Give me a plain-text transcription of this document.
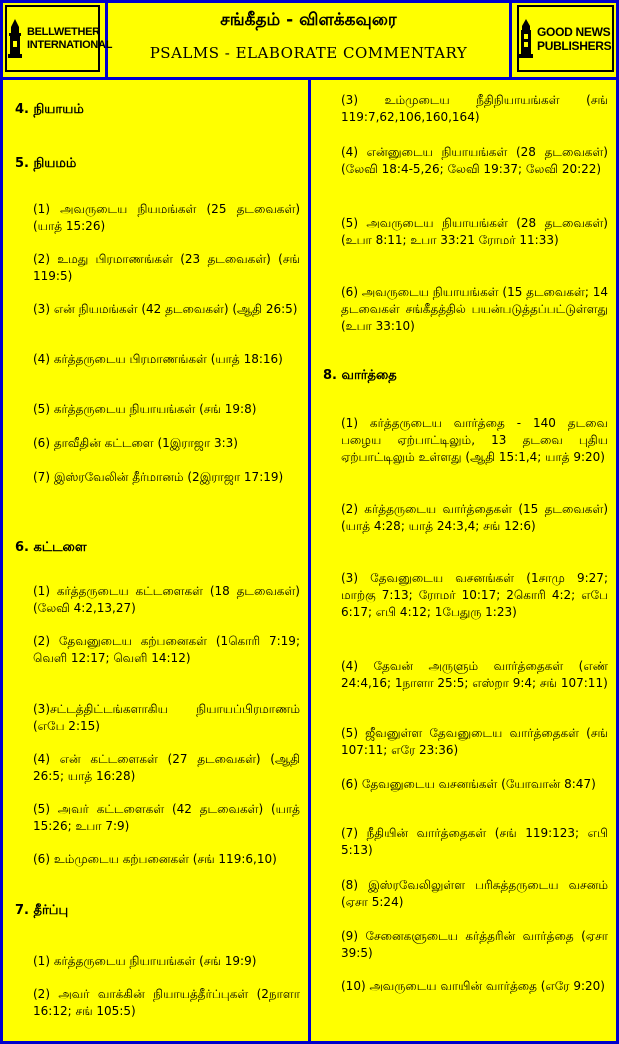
BELLWETHER
INTERNATIONAL
சங்கீதம் - விளக்கவுரை
PSALMS - ELABORATE COMMENTARY
GOOD NEWS
PUBLISHERS
4. நியாயம்
5. நியமம்
(1) அவருடைய நியமங்கள் (25 தடவைகள்) (யாத் 15:26)
(2) உமது பிரமாணங்கள் (23 தடவைகள்) (சங் 119:5)
(3) என் நியமங்கள் (42 தடவைகள்) (ஆதி 26:5)
(4) கர்த்தருடைய பிரமாணங்கள் (யாத் 18:16)
(5) கர்த்தருடைய நியாயங்கள் (சங் 19:8)
(6) தாவீதின் கட்டளை (1இராஜா 3:3)
(7) இஸ்ரவேலின் தீர்மானம் (2இராஜா 17:19)
6. கட்டளை
(1) கர்த்தருடைய கட்டளைகள் (18 தடவைகள்) (லேவி 4:2,13,27)
(2) தேவனுடைய கற்பனைகள் (1கொரி 7:19; வெளி 12:17; வெளி 14:12)
(3)சட்டத்திட்டங்களாகிய நியாயப்பிரமாணம் (எபே 2:15)
(4) என் கட்டளைகள் (27 தடவைகள்) (ஆதி 26:5; யாத் 16:28)
(5) அவர் கட்டளைகள் (42 தடவைகள்) (யாத் 15:26; உபா 7:9)
(6) உம்முடைய கற்பனைகள் (சங் 119:6,10)
7. தீர்ப்பு
(1) கர்த்தருடைய நியாயங்கள் (சங் 19:9)
(2) அவர் வாக்கின் நியாயத்தீர்ப்புகள் (2நாளா 16:12; சங் 105:5)
(3) உம்முடைய நீதிநியாயங்கள் (சங் 119:7,62,106,160,164)
(4) என்னுடைய நியாயங்கள் (28 தடவைகள்) (லேவி 18:4-5,26; லேவி 19:37; லேவி 20:22)
(5) அவருடைய நியாயங்கள் (28 தடவைகள்) (உபா 8:11; உபா 33:21 ரோமர் 11:33)
(6) அவருடைய நியாயங்கள் (15 தடவைகள்; 14 தடவைகள் சங்கீதத்தில் பயன்படுத்தப்பட்டுள்ளது (உபா 33:10)
8. வார்த்தை
(1) கர்த்தருடைய வார்த்தை - 140 தடவை பழைய ஏற்பாட்டிலும், 13 தடவை புதிய ஏற்பாட்டிலும் உள்ளது (ஆதி 15:1,4; யாத் 9:20)
(2) கர்த்தருடைய வார்த்தைகள் (15 தடவைகள்) (யாத் 4:28; யாத் 24:3,4; சங் 12:6)
(3) தேவனுடைய வசனங்கள் (1சாமு 9:27; மாற்கு 7:13; ரோமர் 10:17; 2கொரி 4:2; எபே 6:17; எபி 4:12; 1பேதுரு 1:23)
(4) தேவன் அருளும் வார்த்தைகள் (எண் 24:4,16; 1நாளா 25:5; எஸ்றா 9:4; சங் 107:11)
(5) ஜீவனுள்ள தேவனுடைய வார்த்தைகள் (சங் 107:11; எரே 23:36)
(6) தேவனுடைய வசனங்கள் (யோவான் 8:47)
(7) நீதியின் வார்த்தைகள் (சங் 119:123; எபி 5:13)
(8) இஸ்ரவேலிலுள்ள பரிசுத்தருடைய வசனம் (ஏசா 5:24)
(9) சேனைகளுடைய கர்த்தரின் வார்த்தை (ஏசா 39:5)
(10) அவருடைய வாயின் வார்த்தை (எரே 9:20)
